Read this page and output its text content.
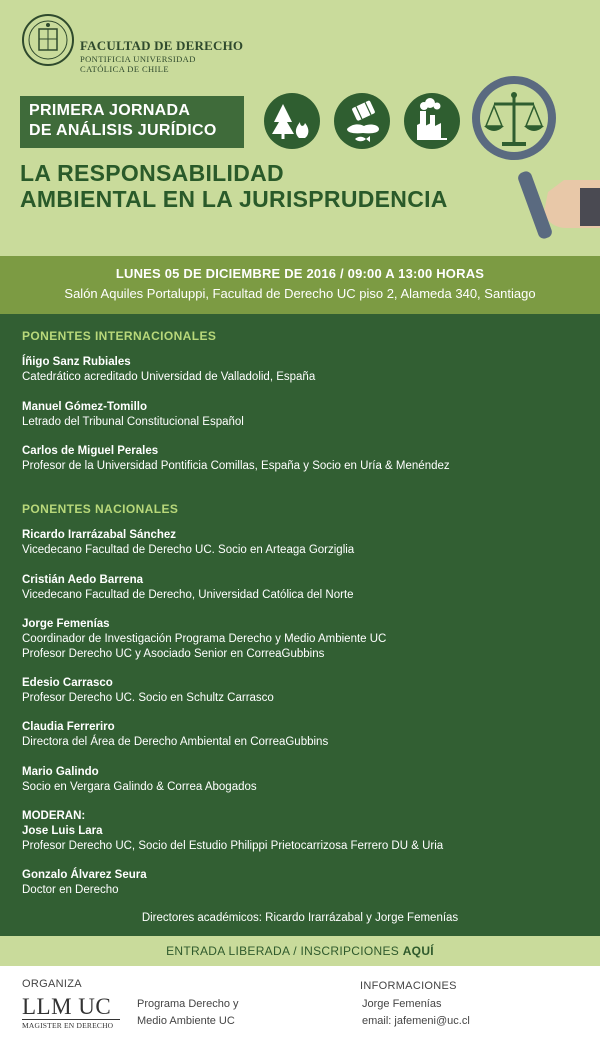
FACULTAD DE DERECHO
PONTIFICIA UNIVERSIDAD
CATÓLICA DE CHILE
PRIMERA JORNADA
DE ANÁLISIS JURÍDICO
LA RESPONSABILIDAD
AMBIENTAL EN LA JURISPRUDENCIA
LUNES 05 DE DICIEMBRE DE 2016 / 09:00 A 13:00 HORAS
Salón Aquiles Portaluppi, Facultad de Derecho UC piso 2, Alameda 340, Santiago
PONENTES INTERNACIONALES
Íñigo Sanz Rubiales
Catedrático acreditado Universidad de Valladolid, España
Manuel Gómez-Tomillo
Letrado del Tribunal Constitucional Español
Carlos de Miguel Perales
Profesor de la Universidad Pontificia Comillas, España y Socio en Uría & Menéndez
PONENTES NACIONALES
Ricardo Irarrázabal Sánchez
Vicedecano Facultad de Derecho UC. Socio en Arteaga Gorziglia
Cristián Aedo Barrena
Vicedecano Facultad de Derecho, Universidad Católica del Norte
Jorge Femenías
Coordinador de Investigación Programa Derecho y Medio Ambiente UC
Profesor Derecho UC y Asociado Senior en CorreaGubbins
Edesio Carrasco
Profesor Derecho UC. Socio en Schultz Carrasco
Claudia Ferreriro
Directora del Área de Derecho Ambiental en CorreaGubbins
Mario Galindo
Socio en Vergara Galindo & Correa Abogados
MODERAN:
Jose Luis Lara
Profesor Derecho UC, Socio del Estudio Philippi Prietocarrizosa Ferrero DU & Uria
Gonzalo Álvarez Seura
Doctor en Derecho
Directores académicos: Ricardo Irarrázabal y Jorge Femenías
ENTRADA LIBERADA / INSCRIPCIONES AQUÍ
ORGANIZA
LLM UC
MAGISTER EN DERECHO
Programa Derecho y
Medio Ambiente UC
INFORMACIONES
Jorge Femenías
email: jafemeni@uc.cl
